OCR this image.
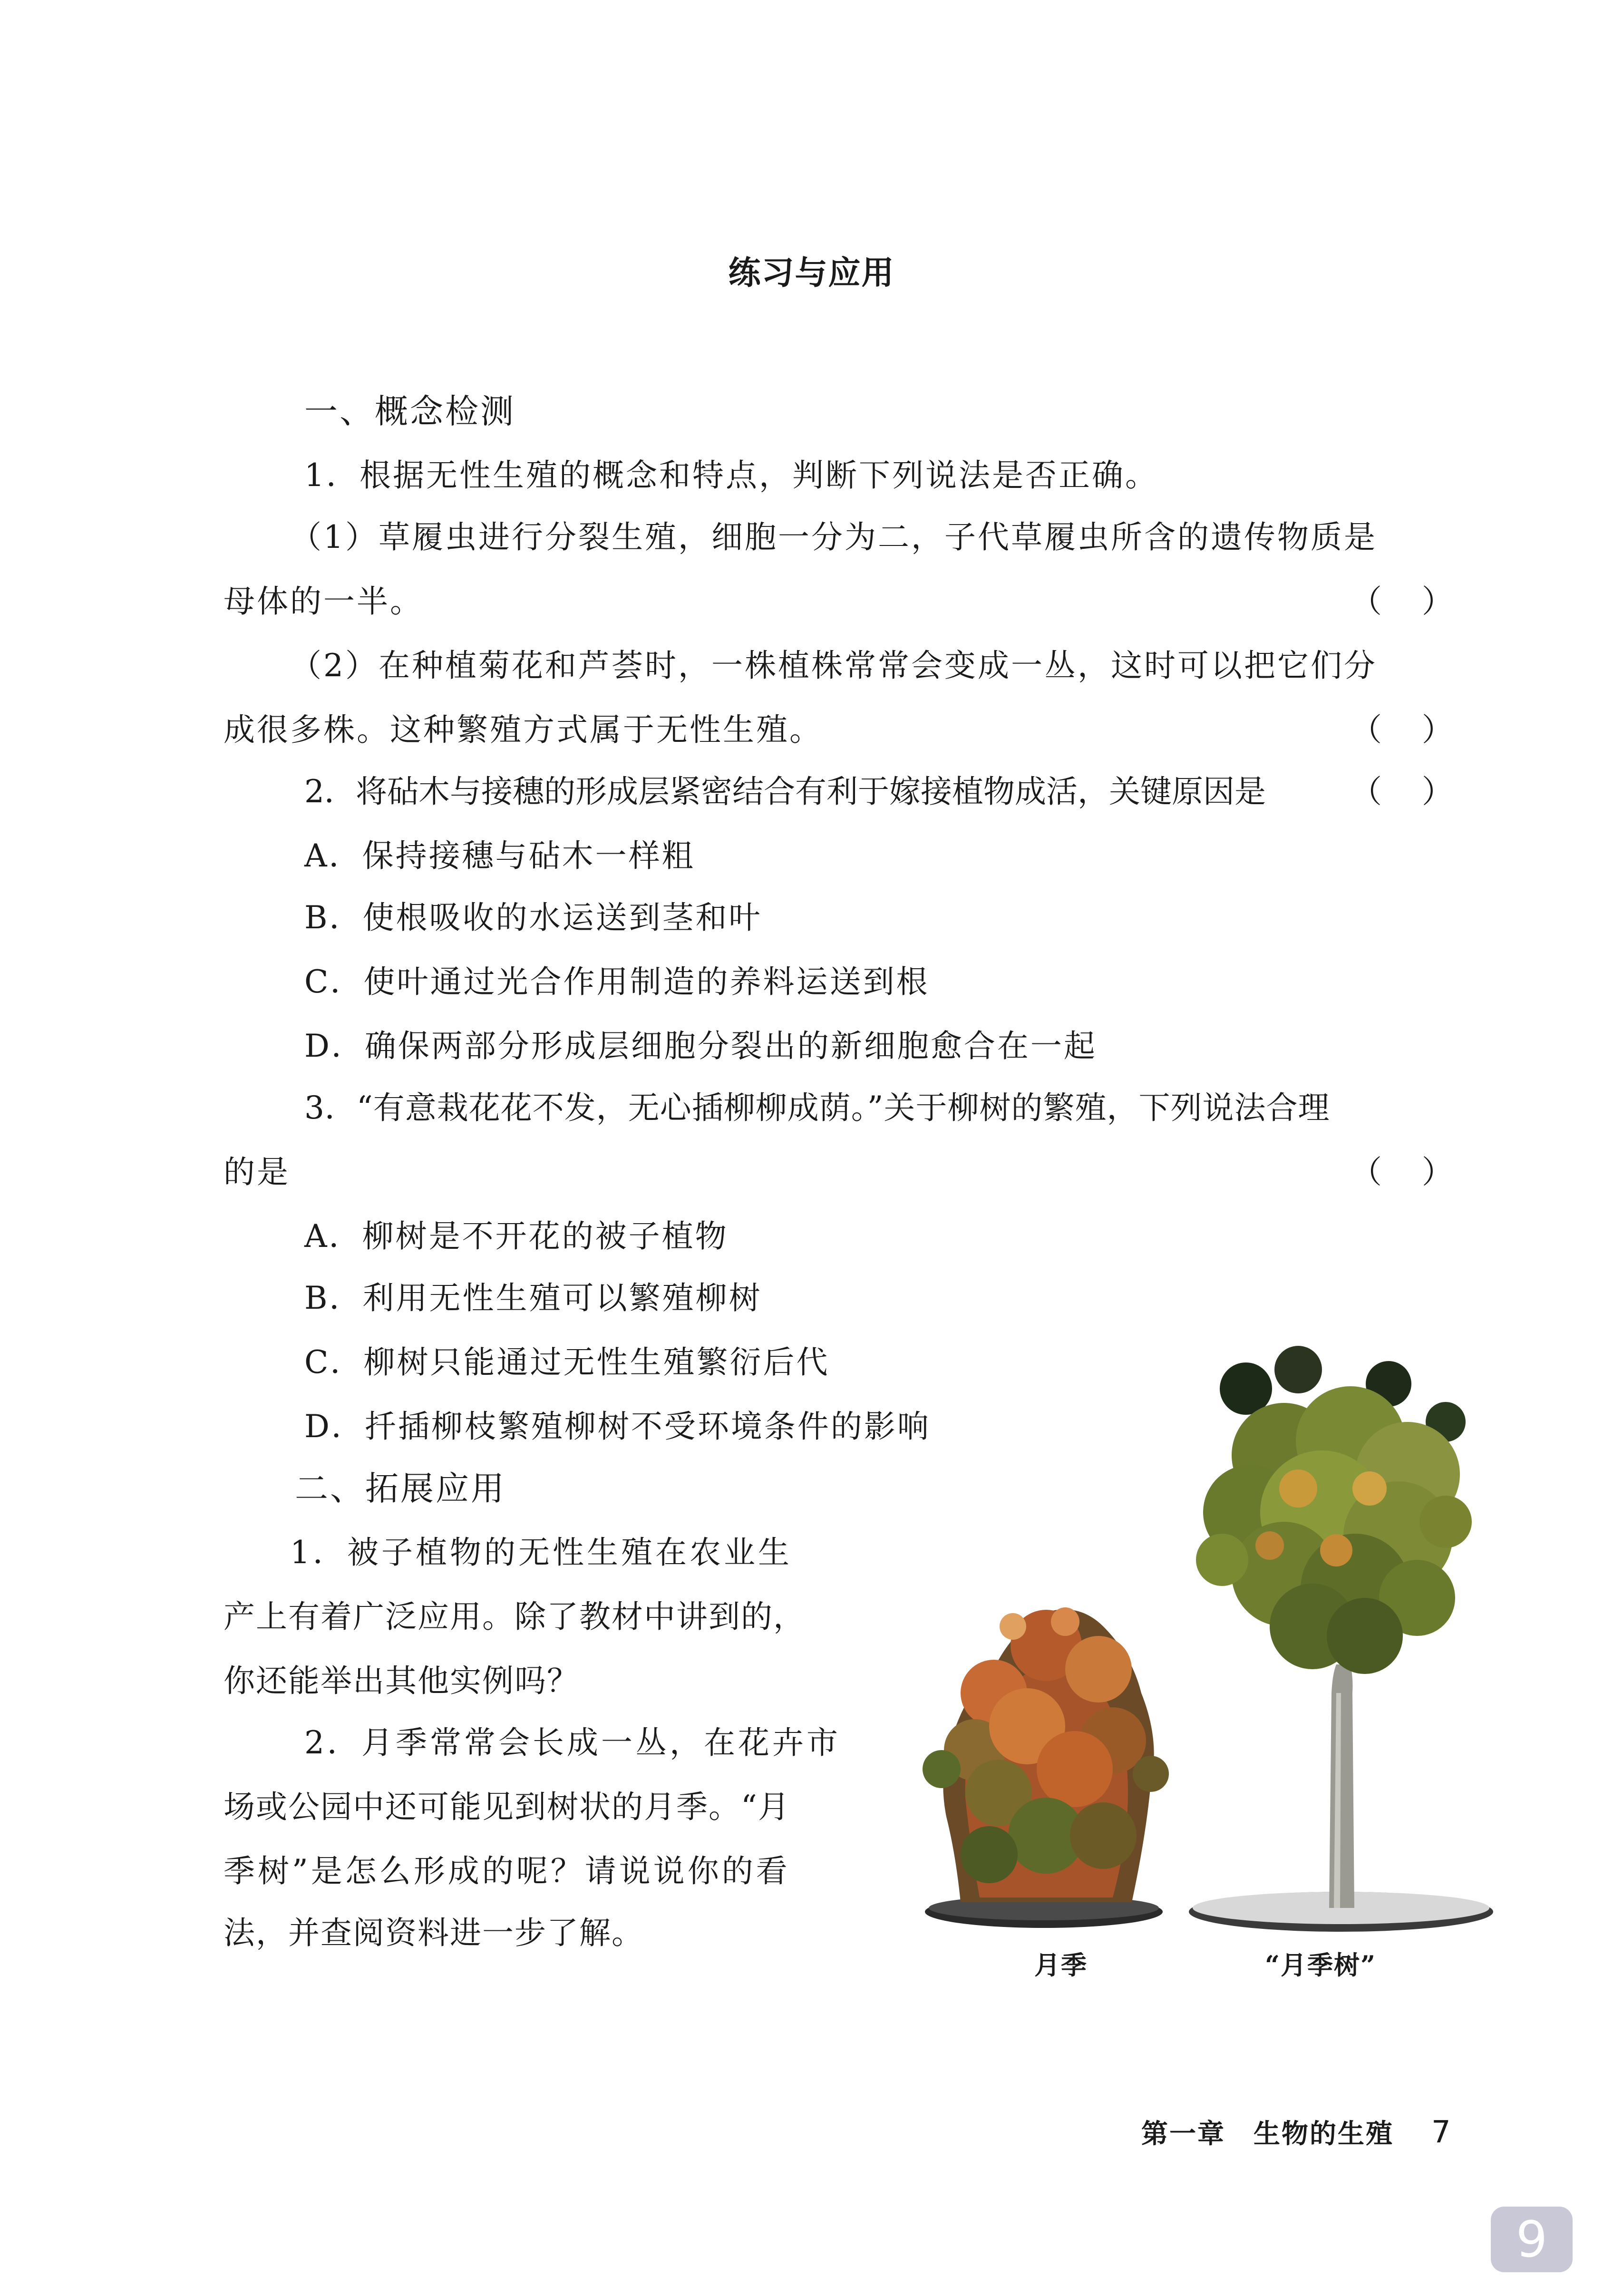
练习与应用
一、概念检测
1．根据无性生殖的概念和特点，判断下列说法是否正确。
（1）草履虫进行分裂生殖，细胞一分为二，子代草履虫所含的遗传物质是
母体的一半。	（    ）
（2）在种植菊花和芦荟时，一株植株常常会变成一丛，这时可以把它们分
成很多株。这种繁殖方式属于无性生殖。	（    ）
2．将砧木与接穗的形成层紧密结合有利于嫁接植物成活，关键原因是	（    ）
A．保持接穗与砧木一样粗
B．使根吸收的水运送到茎和叶
C．使叶通过光合作用制造的养料运送到根
D．确保两部分形成层细胞分裂出的新细胞愈合在一起
3．“有意栽花花不发，无心插柳柳成荫。”关于柳树的繁殖，下列说法合理
的是	（    ）
A．柳树是不开花的被子植物
B．利用无性生殖可以繁殖柳树
C．柳树只能通过无性生殖繁衍后代
D．扦插柳枝繁殖柳树不受环境条件的影响
二、拓展应用
1．被子植物的无性生殖在农业生
产上有着广泛应用。除了教材中讲到的，
你还能举出其他实例吗？
2．月季常常会长成一丛，在花卉市
场或公园中还可能见到树状的月季。“月
季树”是怎么形成的呢？请说说你的看
法，并查阅资料进一步了解。
月季	“月季树”
第一章　生物的生殖 7
9
